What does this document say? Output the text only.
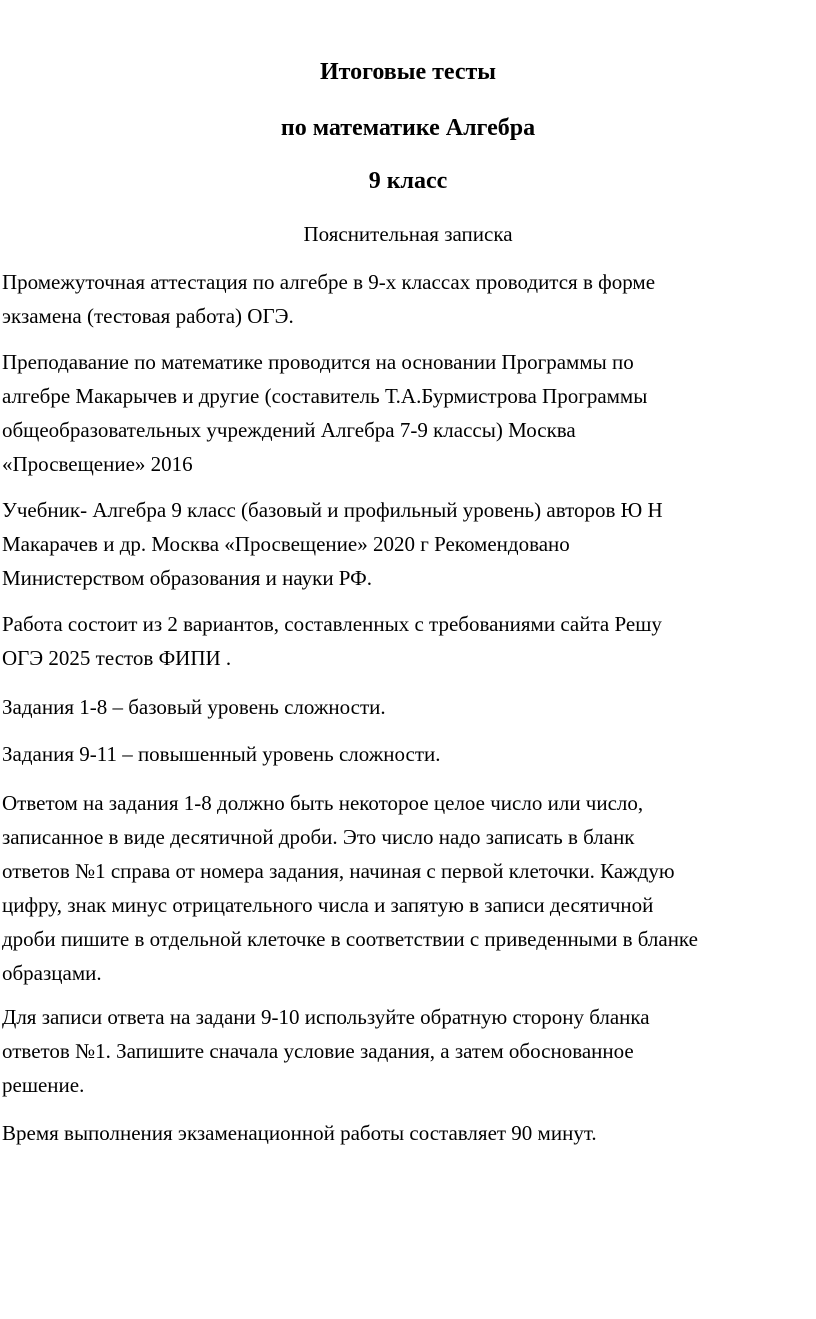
Итоговые тесты
по математике Алгебра
9 класс

Пояснительная записка

Промежуточная аттестация по алгебре в 9-х классах проводится в форме
экзамена (тестовая работа) ОГЭ.

Преподавание по математике проводится на основании Программы по
алгебре Макарычев и другие (составитель Т.А.Бурмистрова Программы
общеобразовательных учреждений Алгебра 7-9 классы) Москва
«Просвещение» 2016

Учебник- Алгебра 9 класс (базовый и профильный уровень) авторов Ю Н
Макарачев и др. Москва «Просвещение» 2020 г Рекомендовано
Министерством образования и науки РФ.

Работа состоит из 2 вариантов, составленных с требованиями сайта Решу
ОГЭ 2025 тестов ФИПИ .

Задания 1-8 – базовый уровень сложности.

Задания 9-11 – повышенный уровень сложности.

Ответом на задания 1-8 должно быть некоторое целое число или число,
записанное в виде десятичной дроби. Это число надо записать в бланк
ответов №1 справа от номера задания, начиная с первой клеточки. Каждую
цифру, знак минус отрицательного числа и запятую в записи десятичной
дроби пишите в отдельной клеточке в соответствии с приведенными в бланке
образцами.

Для записи ответа на задани 9-10 используйте обратную сторону бланка
ответов №1. Запишите сначала условие задания, а затем обоснованное
решение.

Время выполнения экзаменационной работы составляет 90 минут.
